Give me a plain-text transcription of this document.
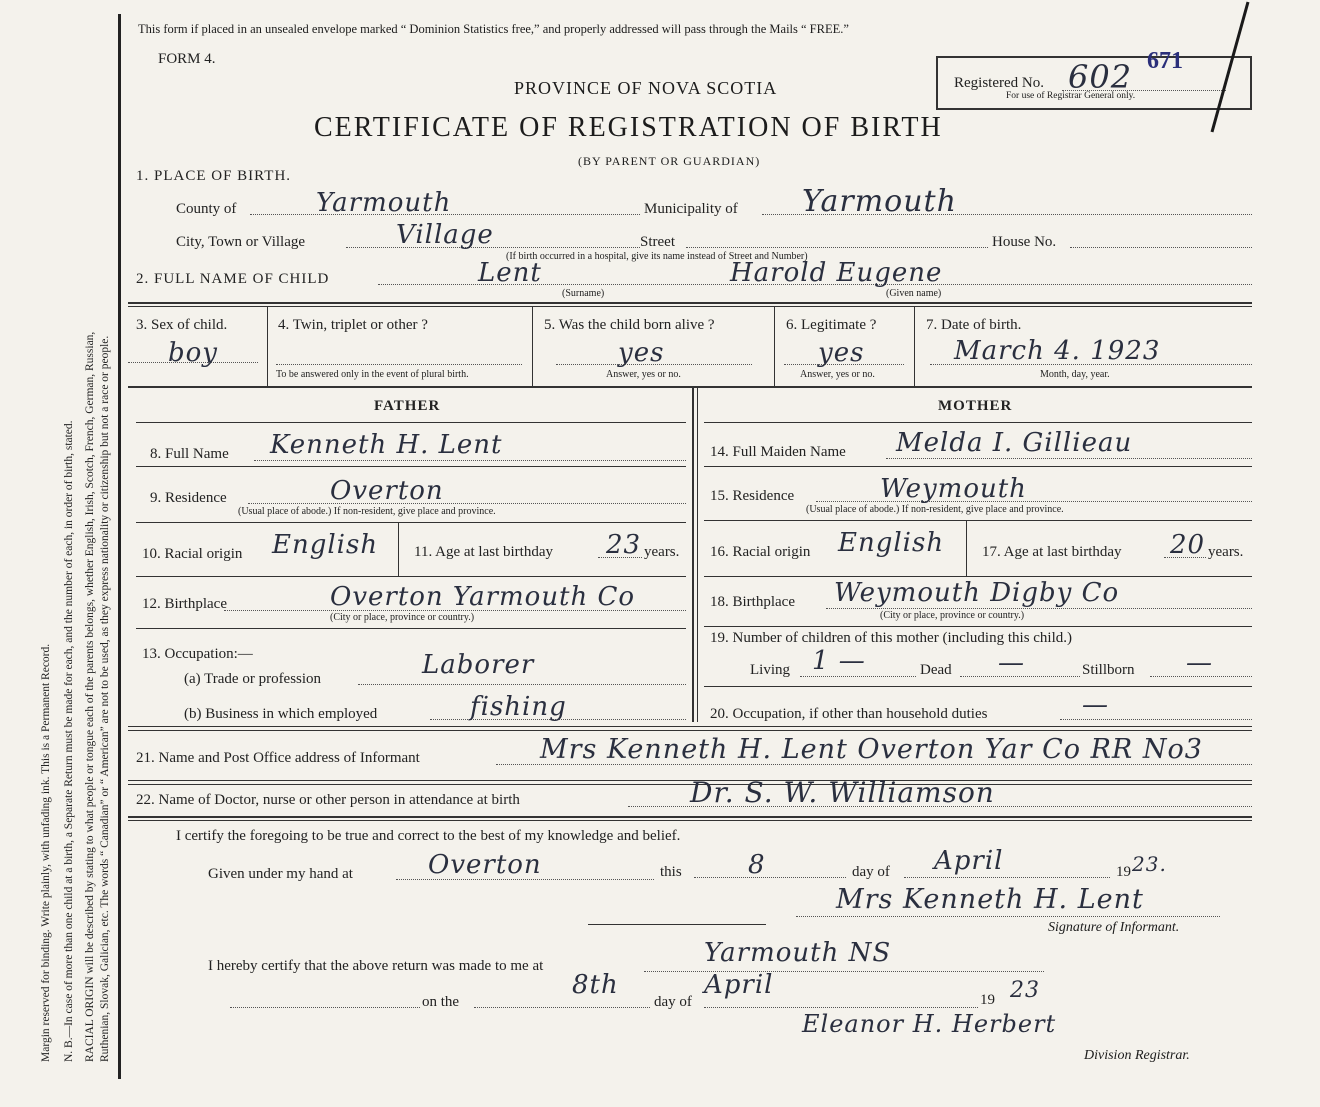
Margin reserved for binding. Write plainly, with unfading ink. This is a Permanent Record. N. B.—In case of more than one child at a birth, a Separate Return must be made for each, and the number of each, in order of birth, stated. RACIAL ORIGIN will be described by stating to what people or tongue each of the parents belongs, whether English, Irish, Scotch, French, German, Russian, Ruthenian, Slovak, Galician, etc. The words “ Canadian” or “ American” are not to be used, as they express nationality or citizenship but not a race or people.
This form if placed in an unsealed envelope marked “ Dominion Statistics free,” and properly addressed will pass through the Mails “ FREE.”
FORM 4.
PROVINCE OF NOVA SCOTIA
CERTIFICATE OF REGISTRATION OF BIRTH
(BY PARENT OR GUARDIAN)
Registered No. 602 671
For use of Registrar General only.
1. PLACE OF BIRTH.
County of	Yarmouth	Municipality of Yarmouth
City, Town or Village	Village	Street	House No.
(If birth occurred in a hospital, give its name instead of Street and Number)
2. FULL NAME OF CHILD	Lent	Harold Eugene
(Surname)	(Given name)
3. Sex of child.
boy
4. Twin, triplet or other ?
To be answered only in the event of plural birth.
5. Was the child born alive ?
yes
Answer, yes or no.
6. Legitimate ?
yes
Answer, yes or no.
7. Date of birth.
March 4. 1923
Month, day, year.
FATHER	MOTHER
8. Full Name Kenneth H. Lent
9. Residence	Overton
(Usual place of abode.) If non-resident, give place and province.
10. Racial origin English 11. Age at last birthday 23 years.
12. Birthplace	Overton Yarmouth Co
(City or place, province or country.)
13. Occupation:—
(a) Trade or profession	Laborer
(b) Business in which employed	fishing
14. Full Maiden Name Melda I. Gillieau
15. Residence	Weymouth
(Usual place of abode.) If non-resident, give place and province.
16. Racial origin English	17. Age at last birthday 20 years.
18. Birthplace Weymouth Digby Co
(City or place, province or country.)
19. Number of children of this mother (including this child.)
Living 1 —	Dead —	Stillborn —
20. Occupation, if other than household duties	—
21. Name and Post Office address of Informant	Mrs Kenneth H. Lent Overton Yar Co RR No3
22. Name of Doctor, nurse or other person in attendance at birth	Dr. S. W. Williamson
I certify the foregoing to be true and correct to the best of my knowledge and belief.
Given under my hand at	Overton	this	8	day of April	19 23.
Mrs Kenneth H. Lent
Signature of Informant.
I hereby certify that the above return was made to me at	Yarmouth NS
on the
8th
day of
April	19 23
Eleanor H. Herbert
Division Registrar.
